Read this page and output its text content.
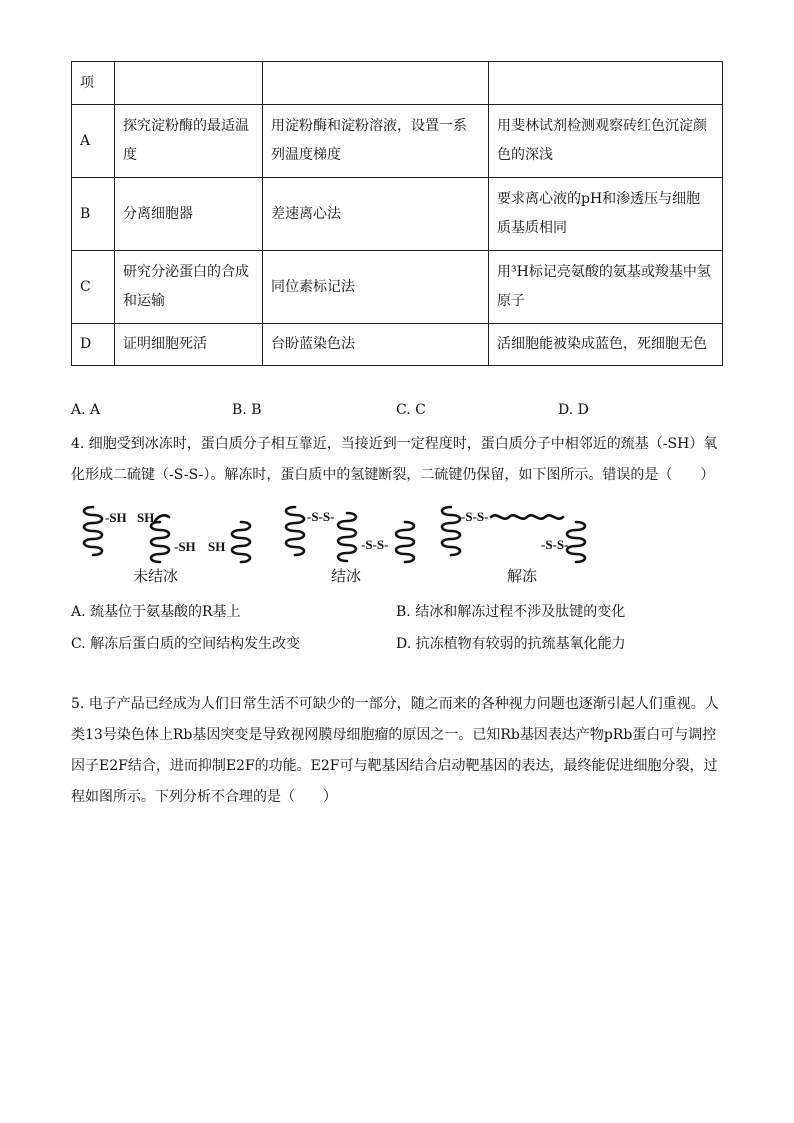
项			
A	探究淀粉酶的最适温度	用淀粉酶和淀粉溶液，设置一系列温度梯度	用斐林试剂检测观察砖红色沉淀颜色的深浅
B	分离细胞器	差速离心法	要求离心液的pH和渗透压与细胞质基质相同
C	研究分泌蛋白的合成和运输	同位素标记法	用³H标记亮氨酸的氨基或羧基中氢原子
D	证明细胞死活	台盼蓝染色法	活细胞能被染成蓝色，死细胞无色
A. A	B. B	C. C	D. D
4. 细胞受到冰冻时，蛋白质分子相互靠近，当接近到一定程度时，蛋白质分子中相邻近的巯基（-SH）氧化形成二硫键（-S-S-）。解冻时，蛋白质中的氢键断裂，二硫键仍保留，如下图所示。错误的是（　　）
-SH SH
-SH SH
-S-S-
-S-S-
-S-S-
-S-S-
未结冰	结冰	解冻
A. 巯基位于氨基酸的R基上	B. 结冰和解冻过程不涉及肽键的变化
C. 解冻后蛋白质的空间结构发生改变	D. 抗冻植物有较弱的抗巯基氧化能力
5. 电子产品已经成为人们日常生活不可缺少的一部分，随之而来的各种视力问题也逐渐引起人们重视。人类13号染色体上Rb基因突变是导致视网膜母细胞瘤的原因之一。已知Rb基因表达产物pRb蛋白可与调控因子E2F结合，进而抑制E2F的功能。E2F可与靶基因结合启动靶基因的表达，最终能促进细胞分裂，过程如图所示。下列分析不合理的是（　　）
